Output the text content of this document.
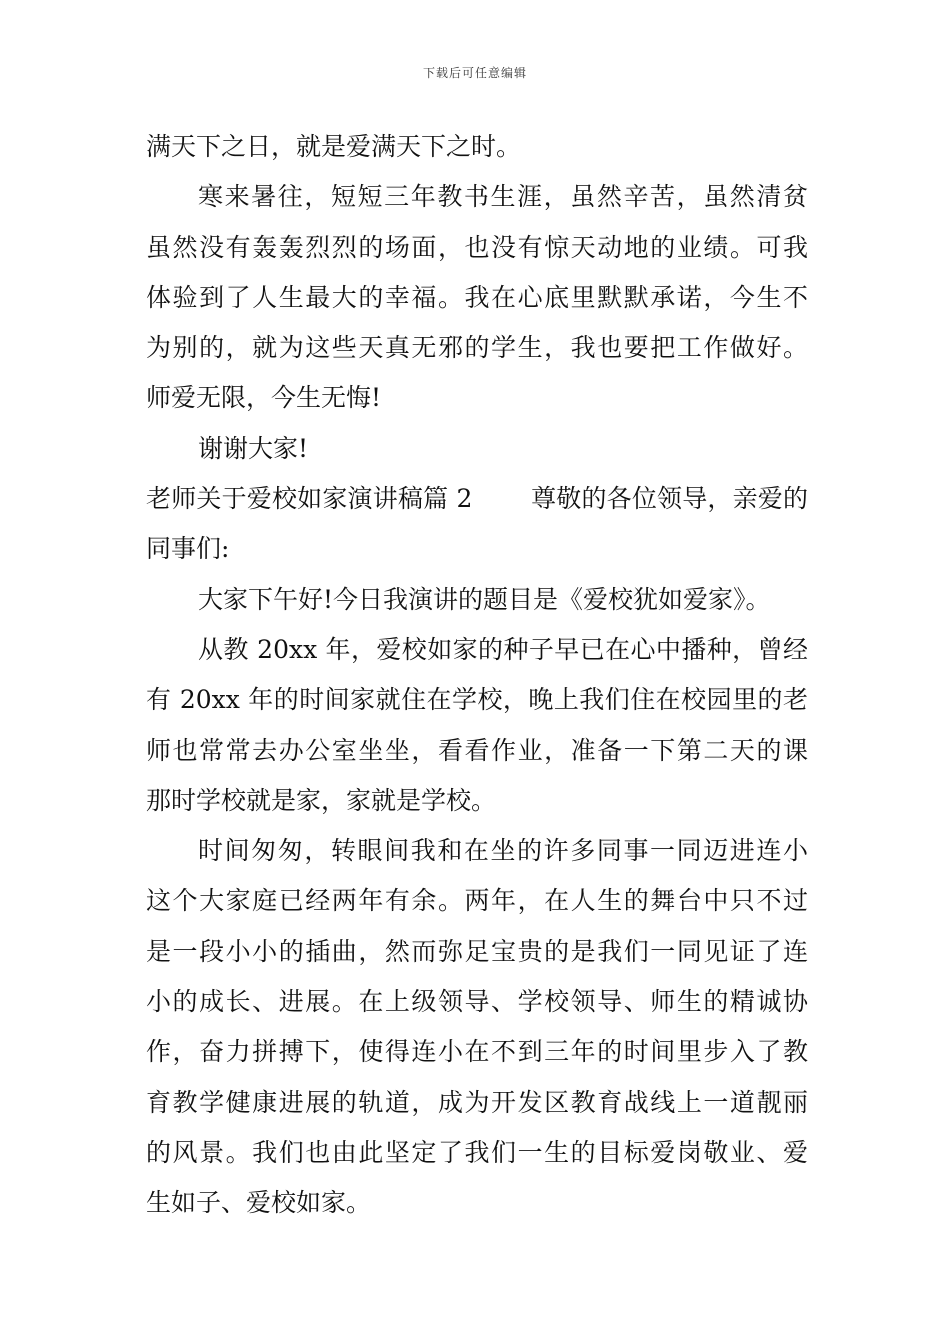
下载后可任意编辑
满天下之日，就是爱满天下之时。
寒来暑往，短短三年教书生涯，虽然辛苦，虽然清贫
虽然没有轰轰烈烈的场面，也没有惊天动地的业绩。可我
体验到了人生最大的幸福。我在心底里默默承诺，今生不
为别的，就为这些天真无邪的学生，我也要把工作做好。
师爱无限，今生无悔!
谢谢大家!
老师关于爱校如家演讲稿篇 2　　 尊敬的各位领导，亲爱的
同事们:
大家下午好!今日我演讲的题目是《爱校犹如爱家》。
从教 20xx 年，爱校如家的种子早已在心中播种，曾经
有 20xx 年的时间家就住在学校，晚上我们住在校园里的老
师也常常去办公室坐坐，看看作业，准备一下第二天的课
那时学校就是家，家就是学校。
时间匆匆，转眼间我和在坐的许多同事一同迈进连小
这个大家庭已经两年有余。两年，在人生的舞台中只不过
是一段小小的插曲，然而弥足宝贵的是我们一同见证了连
小的成长、进展。在上级领导、学校领导、师生的精诚协
作，奋力拼搏下，使得连小在不到三年的时间里步入了教
育教学健康进展的轨道，成为开发区教育战线上一道靓丽
的风景。我们也由此坚定了我们一生的目标爱岗敬业、爱
生如子、爱校如家。
